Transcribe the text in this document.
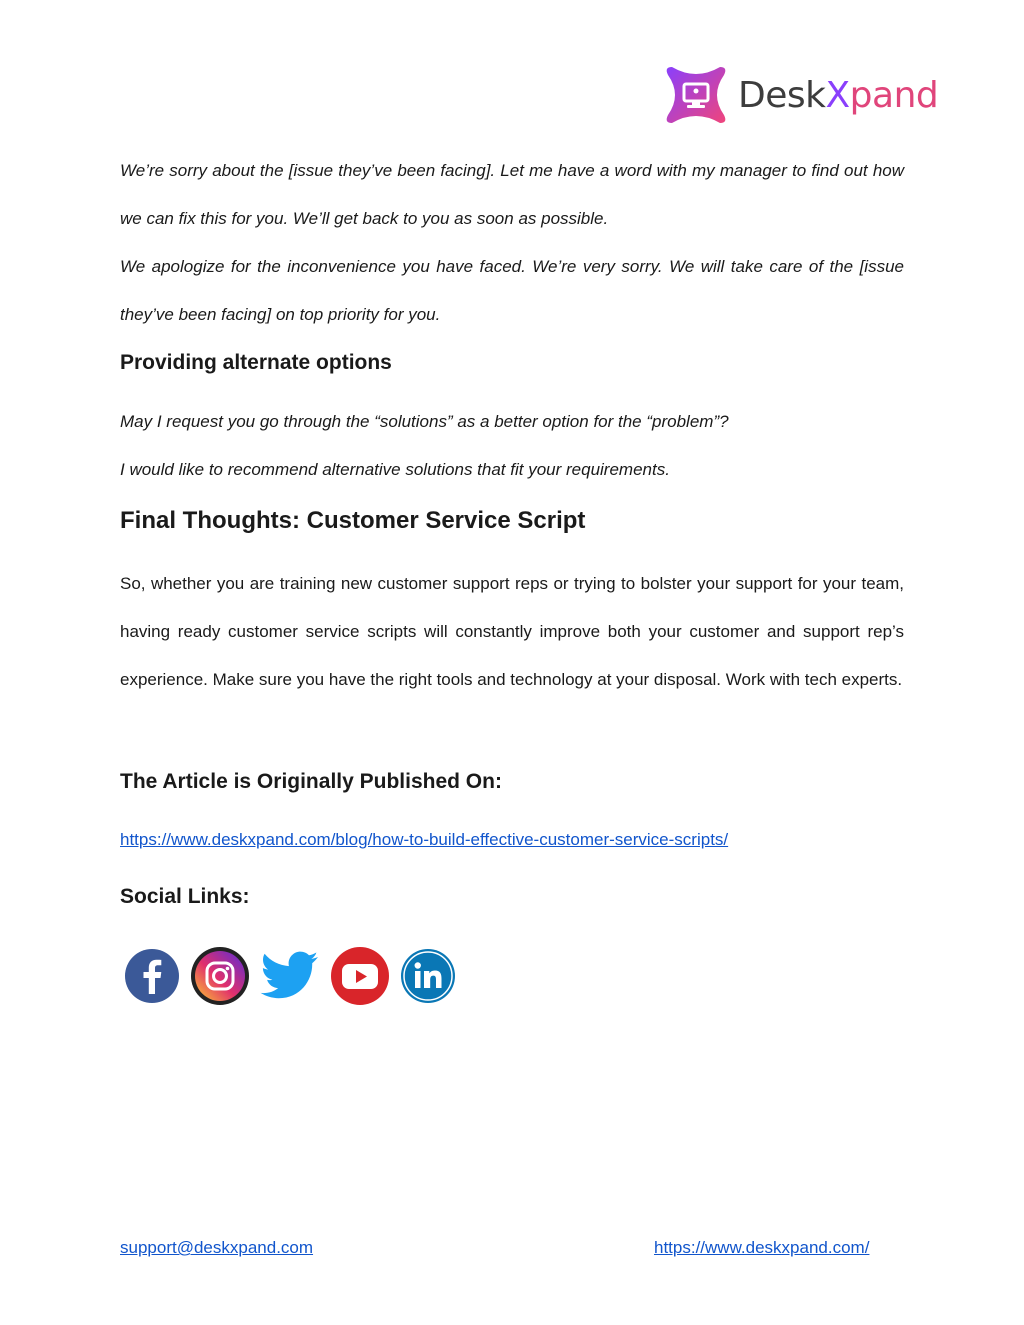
DeskXpand

We’re sorry about the [issue they’ve been facing]. Let me have a word with my manager to find out how we can fix this for you. We’ll get back to you as soon as possible.

We apologize for the inconvenience you have faced. We’re very sorry. We will take care of the [issue they’ve been facing] on top priority for you.

Providing alternate options

May I request you go through the “solutions” as a better option for the “problem”?

I would like to recommend alternative solutions that fit your requirements.

Final Thoughts: Customer Service Script

So, whether you are training new customer support reps or trying to bolster your support for your team, having ready customer service scripts will constantly improve both your customer and support rep’s experience. Make sure you have the right tools and technology at your disposal. Work with tech experts.

The Article is Originally Published On:
https://www.deskxpand.com/blog/how-to-build-effective-customer-service-scripts/
Social Links:
support@deskxpand.com	https://www.deskxpand.com/
